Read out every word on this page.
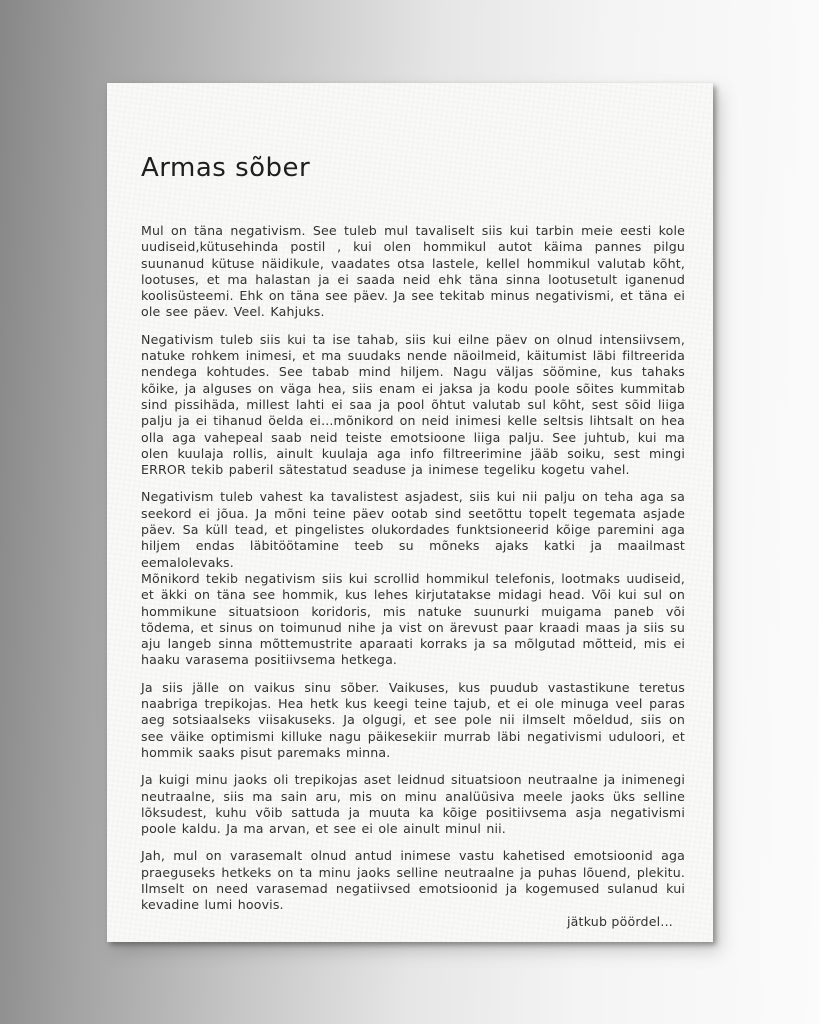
Armas sõber

Mul on täna negativism. See tuleb mul tavaliselt siis kui tarbin meie eesti kole uudiseid,kütusehinda postil , kui olen hommikul autot käima pannes pilgu suunanud kütuse näidikule, vaadates otsa lastele, kellel hommikul valutab kõht, lootuses, et ma halastan ja ei saada neid ehk täna sinna lootusetult iganenud koolisüsteemi. Ehk on täna see päev. Ja see tekitab minus negativismi, et täna ei ole see päev. Veel. Kahjuks.

Negativism tuleb siis kui ta ise tahab, siis kui eilne päev on olnud intensiivsem, natuke rohkem inimesi, et ma suudaks nende näoilmeid, käitumist läbi filtreerida nendega kohtudes. See tabab mind hiljem. Nagu väljas söömine, kus tahaks kõike, ja alguses on väga hea, siis enam ei jaksa ja kodu poole sõites kummitab sind pissihäda, millest lahti ei saa ja pool õhtut valutab sul kõht, sest sõid liiga palju ja ei tihanud öelda ei...mõnikord on neid inimesi kelle seltsis lihtsalt on hea olla aga vahepeal saab neid teiste emotsioone liiga palju. See juhtub, kui ma olen kuulaja rollis, ainult kuulaja aga info filtreerimine jääb soiku, sest mingi ERROR tekib paberil sätestatud seaduse ja inimese tegeliku kogetu vahel.

Negativism tuleb vahest ka tavalistest asjadest, siis kui nii palju on teha aga sa seekord ei jõua. Ja mõni teine päev ootab sind seetõttu topelt tegemata asjade päev. Sa küll tead, et pingelistes olukordades funktsioneerid kõige paremini aga hiljem endas läbitöötamine teeb su mõneks ajaks katki ja maailmast eemalolevaks.

Mõnikord tekib negativism siis kui scrollid hommikul telefonis, lootmaks uudiseid, et äkki on täna see hommik, kus lehes kirjutatakse midagi head. Või kui sul on hommikune situatsioon koridoris, mis natuke suunurki muigama paneb või tõdema, et sinus on toimunud nihe ja vist on ärevust paar kraadi maas ja siis su aju langeb sinna mõttemustrite aparaati korraks ja sa mõlgutad mõtteid, mis ei haaku varasema positiivsema hetkega.

Ja siis jälle on vaikus sinu sõber. Vaikuses, kus puudub vastastikune teretus naabriga trepikojas. Hea hetk kus keegi teine tajub, et ei ole minuga veel paras aeg sotsiaalseks viisakuseks. Ja olgugi, et see pole nii ilmselt mõeldud, siis on see väike optimismi killuke nagu päikesekiir murrab läbi negativismi uduloori, et hommik saaks pisut paremaks minna.

Ja kuigi minu jaoks oli trepikojas aset leidnud situatsioon neutraalne ja inimenegi neutraalne, siis ma sain aru, mis on minu analüüsiva meele jaoks üks selline lõksudest, kuhu võib sattuda ja muuta ka kõige positiivsema asja negativismi poole kaldu. Ja ma arvan, et see ei ole ainult minul nii.

Jah, mul on varasemalt olnud antud inimese vastu kahetised emotsioonid aga praeguseks hetkeks on ta minu jaoks selline neutraalne ja puhas lõuend, plekitu. Ilmselt on need varasemad negatiivsed emotsioonid ja kogemused sulanud kui kevadine lumi hoovis.

jätkub pöördel...
